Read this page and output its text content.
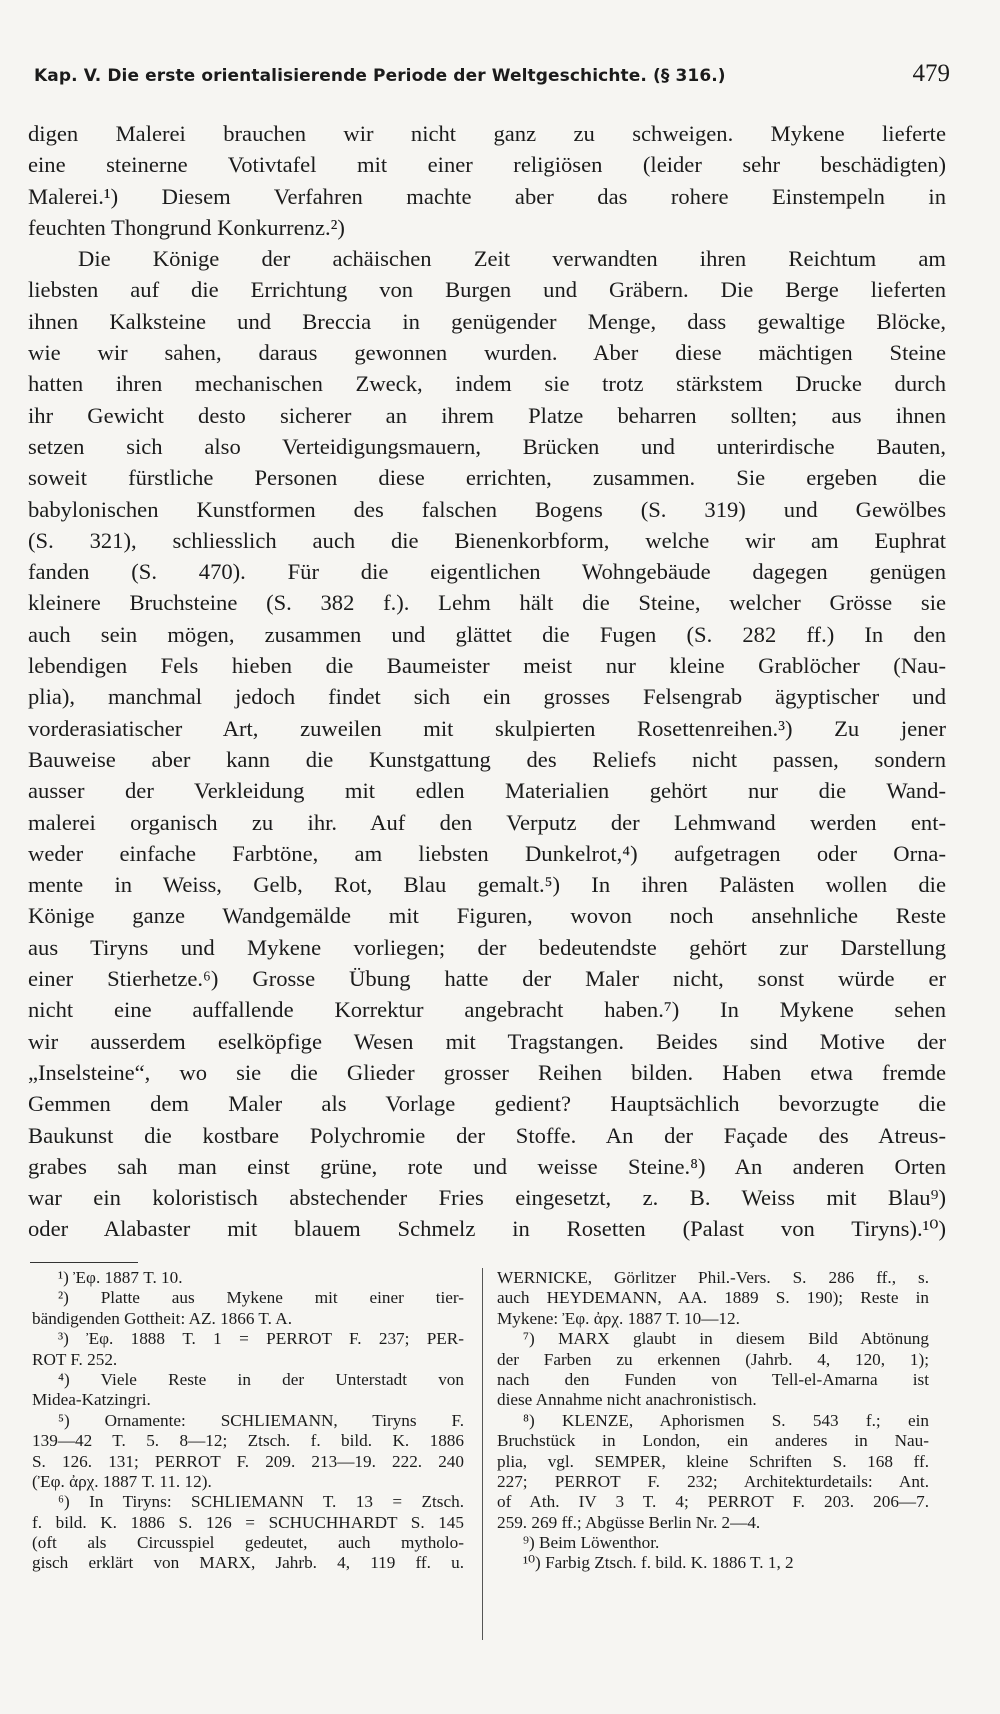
Kap. V. Die erste orientalisierende Periode der Weltgeschichte. (§ 316.)	479
digen Malerei brauchen wir nicht ganz zu schweigen. Mykene lieferte
eine steinerne Votivtafel mit einer religiösen (leider sehr beschädigten)
Malerei.¹) Diesem Verfahren machte aber das rohere Einstempeln in
feuchten Thongrund Konkurrenz.²)
Die Könige der achäischen Zeit verwandten ihren Reichtum am
liebsten auf die Errichtung von Burgen und Gräbern. Die Berge lieferten
ihnen Kalksteine und Breccia in genügender Menge, dass gewaltige Blöcke,
wie wir sahen, daraus gewonnen wurden. Aber diese mächtigen Steine
hatten ihren mechanischen Zweck, indem sie trotz stärkstem Drucke durch
ihr Gewicht desto sicherer an ihrem Platze beharren sollten; aus ihnen
setzen sich also Verteidigungsmauern, Brücken und unterirdische Bauten,
soweit fürstliche Personen diese errichten, zusammen. Sie ergeben die
babylonischen Kunstformen des falschen Bogens (S. 319) und Gewölbes
(S. 321), schliesslich auch die Bienenkorbform, welche wir am Euphrat
fanden (S. 470). Für die eigentlichen Wohngebäude dagegen genügen
kleinere Bruchsteine (S. 382 f.). Lehm hält die Steine, welcher Grösse sie
auch sein mögen, zusammen und glättet die Fugen (S. 282 ff.) In den
lebendigen Fels hieben die Baumeister meist nur kleine Grablöcher (Nau-
plia), manchmal jedoch findet sich ein grosses Felsengrab ägyptischer und
vorderasiatischer Art, zuweilen mit skulpierten Rosettenreihen.³) Zu jener
Bauweise aber kann die Kunstgattung des Reliefs nicht passen, sondern
ausser der Verkleidung mit edlen Materialien gehört nur die Wand-
malerei organisch zu ihr. Auf den Verputz der Lehmwand werden ent-
weder einfache Farbtöne, am liebsten Dunkelrot,⁴) aufgetragen oder Orna-
mente in Weiss, Gelb, Rot, Blau gemalt.⁵) In ihren Palästen wollen die
Könige ganze Wandgemälde mit Figuren, wovon noch ansehnliche Reste
aus Tiryns und Mykene vorliegen; der bedeutendste gehört zur Darstellung
einer Stierhetze.⁶) Grosse Übung hatte der Maler nicht, sonst würde er
nicht eine auffallende Korrektur angebracht haben.⁷) In Mykene sehen
wir ausserdem eselköpfige Wesen mit Tragstangen. Beides sind Motive der
„Inselsteine“, wo sie die Glieder grosser Reihen bilden. Haben etwa fremde
Gemmen dem Maler als Vorlage gedient? Hauptsächlich bevorzugte die
Baukunst die kostbare Polychromie der Stoffe. An der Façade des Atreus-
grabes sah man einst grüne, rote und weisse Steine.⁸) An anderen Orten
war ein koloristisch abstechender Fries eingesetzt, z. B. Weiss mit Blau⁹)
oder Alabaster mit blauem Schmelz in Rosetten (Palast von Tiryns).¹⁰)
¹) Ἐφ. 1887 T. 10.
²) Platte aus Mykene mit einer tier-
bändigenden Gottheit: AZ. 1866 T. A.
³) Ἐφ. 1888 T. 1 = PERROT F. 237; PER-
ROT F. 252.
⁴) Viele Reste in der Unterstadt von
Midea-Katzingri.
⁵) Ornamente: SCHLIEMANN, Tiryns F.
139—42 T. 5. 8—12; Ztsch. f. bild. K. 1886
S. 126. 131; PERROT F. 209. 213—19. 222. 240
(Ἐφ. ἀρχ. 1887 T. 11. 12).
⁶) In Tiryns: SCHLIEMANN T. 13 = Ztsch.
f. bild. K. 1886 S. 126 = SCHUCHHARDT S. 145
(oft als Circusspiel gedeutet, auch mytholo-
gisch erklärt von MARX, Jahrb. 4, 119 ff. u.
WERNICKE, Görlitzer Phil.-Vers. S. 286 ff., s.
auch HEYDEMANN, AA. 1889 S. 190); Reste in
Mykene: Ἐφ. ἀρχ. 1887 T. 10—12.
⁷) MARX glaubt in diesem Bild Abtönung
der Farben zu erkennen (Jahrb. 4, 120, 1);
nach den Funden von Tell-el-Amarna ist
diese Annahme nicht anachronistisch.
⁸) KLENZE, Aphorismen S. 543 f.; ein
Bruchstück in London, ein anderes in Nau-
plia, vgl. SEMPER, kleine Schriften S. 168 ff.
227; PERROT F. 232; Architekturdetails: Ant.
of Ath. IV 3 T. 4; PERROT F. 203. 206—7.
259. 269 ff.; Abgüsse Berlin Nr. 2—4.
⁹) Beim Löwenthor.
¹⁰) Farbig Ztsch. f. bild. K. 1886 T. 1, 2
